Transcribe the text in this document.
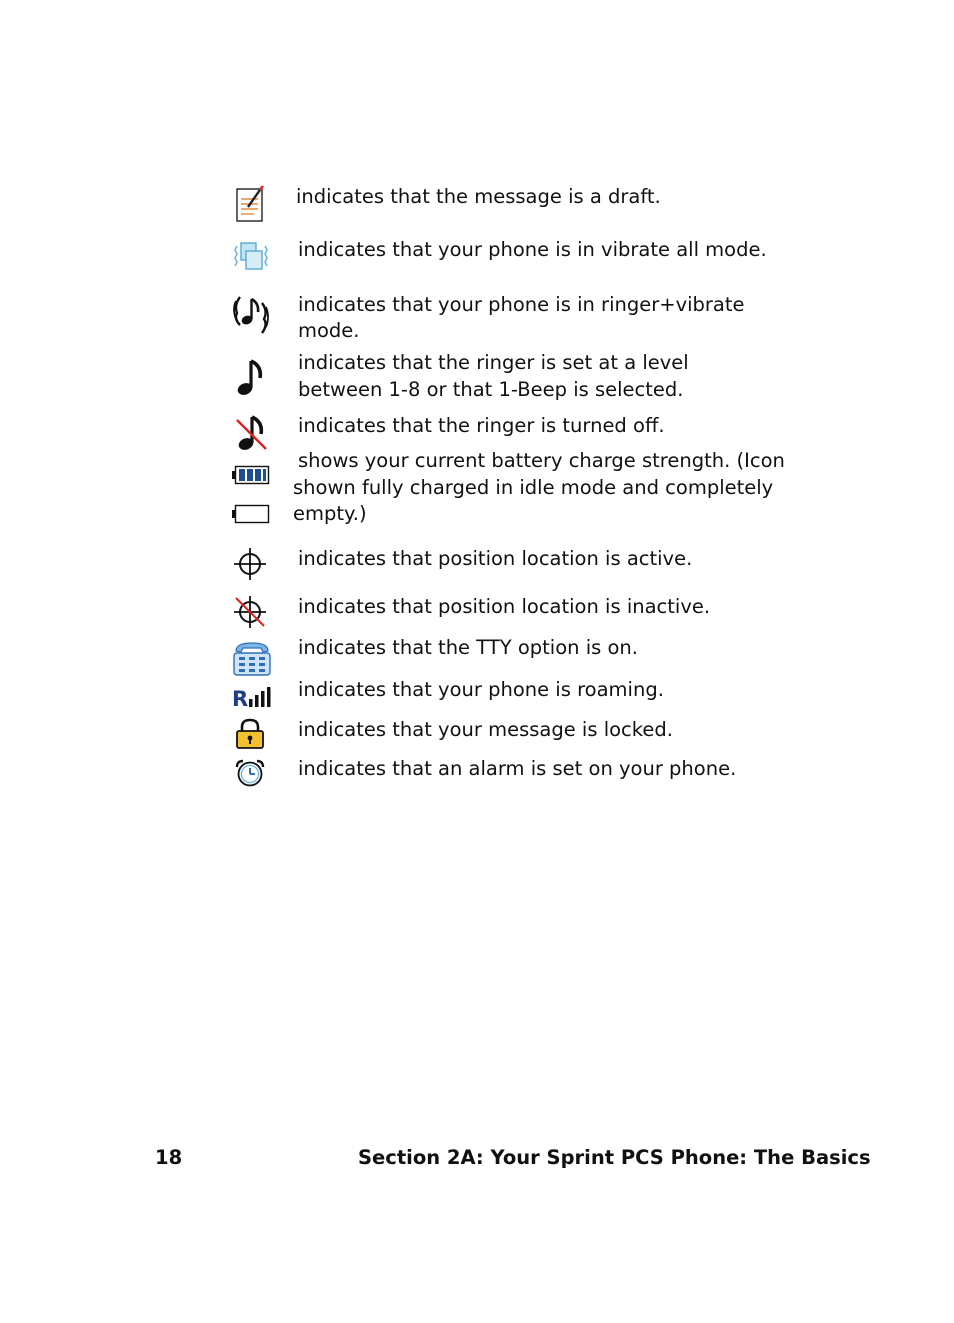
indicates that the message is a draft.
indicates that your phone is in vibrate all mode.
indicates that your phone is in ringer+vibrate
mode.
indicates that the ringer is set at a level
between 1-8 or that 1-Beep is selected.
indicates that the ringer is turned off.
shows your current battery charge strength. (Icon
shown fully charged in idle mode and completely
empty.)
indicates that position location is active.
indicates that position location is inactive.
indicates that the TTY option is on.
R	indicates that your phone is roaming.
indicates that your message is locked.
indicates that an alarm is set on your phone.
18	Section 2A: Your Sprint PCS Phone: The Basics
